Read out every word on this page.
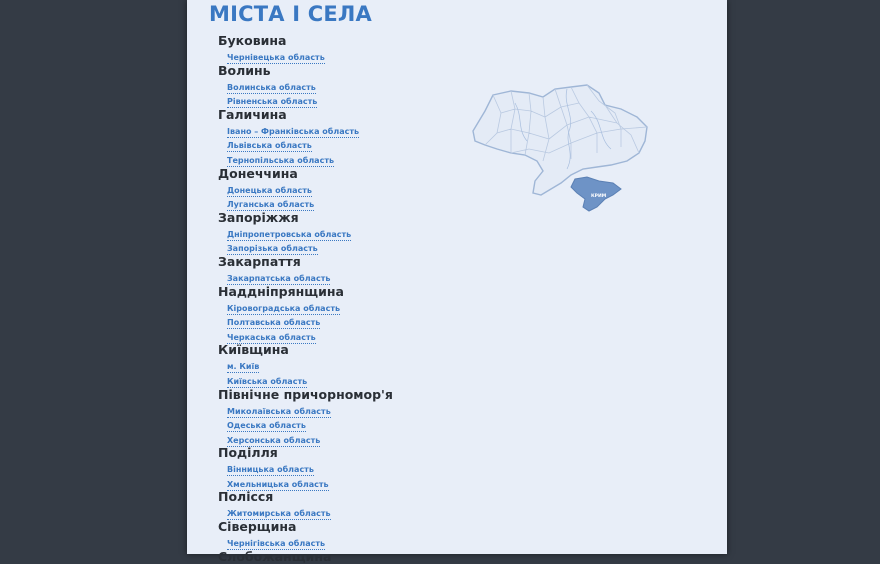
МІСТА І СЕЛА
Буковина
Чернівецька область
Волинь
Волинська область
Рівненська область
Галичина
Івано – Франківська область
Львівська область
Тернопільська область
Донеччина
Донецька область
Луганська область
Запоріжжя
Дніпропетровська область
Запорізька область
Закарпаття
Закарпатська область
Наддніпрянщина
Кіровоградська область
Полтавська область
Черкаська область
Київщина
м. Київ
Київська область
Північне причорномор'я
Миколаївська область
Одеська область
Херсонська область
Поділля
Вінницька область
Хмельницька область
Полісся
Житомирська область
Сіверщина
Чернігівська область
Слобожанщина
КРИМ
